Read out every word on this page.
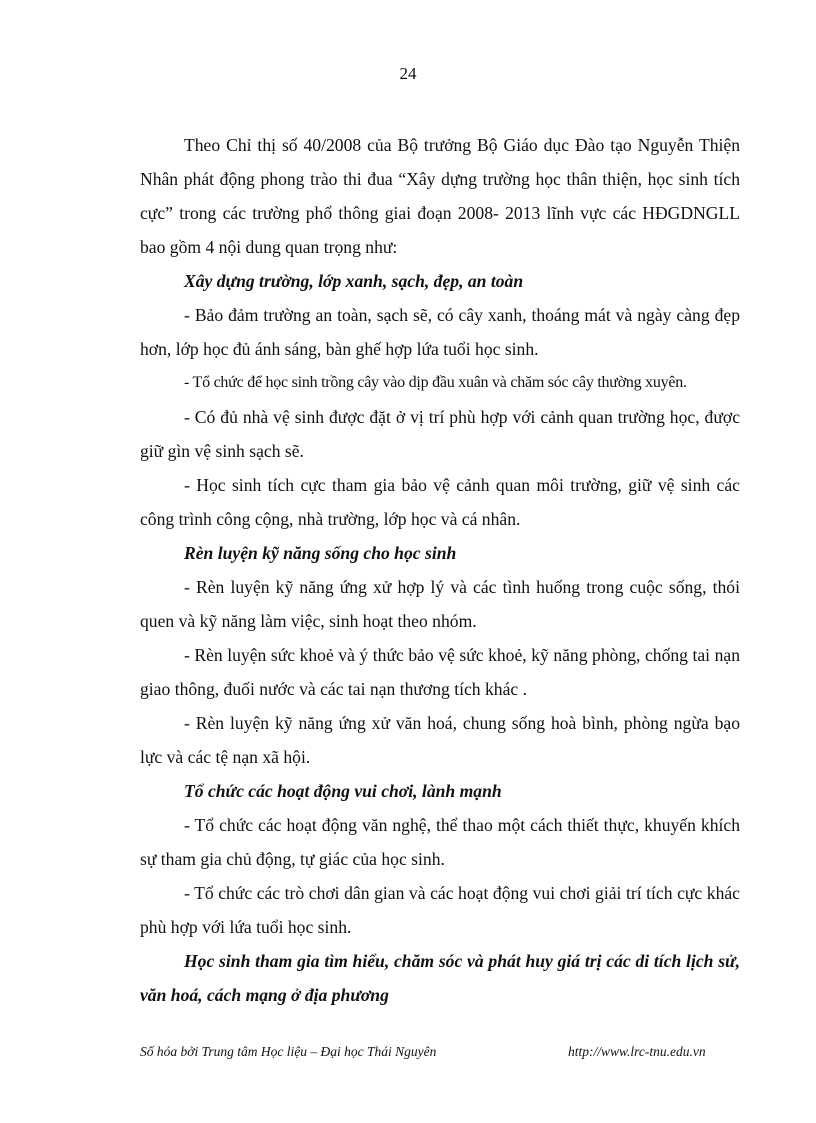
24

Theo Chỉ thị số 40/2008 của Bộ trưởng Bộ Giáo dục Đào tạo Nguyễn Thiện Nhân phát động phong trào thi đua “Xây dựng trường học thân thiện, học sinh tích cực” trong các trường phổ thông giai đoạn 2008- 2013 lĩnh vực các HĐGDNGLL bao gồm 4 nội dung quan trọng như:

Xây dựng trường, lớp xanh, sạch, đẹp, an toàn

- Bảo đảm trường an toàn, sạch sẽ, có cây xanh, thoáng mát và ngày càng đẹp hơn, lớp học đủ ánh sáng, bàn ghế hợp lứa tuổi học sinh.

- Tổ chức để học sinh trồng cây vào dịp đầu xuân và chăm sóc cây thường xuyên.

- Có đủ nhà vệ sinh được đặt ở vị trí phù hợp với cảnh quan trường học, được giữ gìn vệ sinh sạch sẽ.

- Học sinh tích cực tham gia bảo vệ cảnh quan môi trường, giữ vệ sinh các công trình công cộng, nhà trường, lớp học và cá nhân.

Rèn luyện kỹ năng sống cho học sinh

- Rèn luyện kỹ năng ứng xử hợp lý và các tình huống trong cuộc sống, thói quen và kỹ năng làm việc, sinh hoạt theo nhóm.

- Rèn luyện sức khoẻ và ý thức bảo vệ sức khoẻ, kỹ năng phòng, chống tai nạn giao thông, đuối nước và các tai nạn thương tích khác .

- Rèn luyện kỹ năng ứng xử văn hoá, chung sống hoà bình, phòng ngừa bạo lực và các tệ nạn xã hội.

Tổ chức các hoạt động vui chơi, lành mạnh

- Tổ chức các hoạt động văn nghệ, thể thao một cách thiết thực, khuyến khích sự tham gia chủ động, tự giác của học sinh.

- Tổ chức các trò chơi dân gian và các hoạt động vui chơi giải trí tích cực khác phù hợp với lứa tuổi học sinh.

Học sinh tham gia tìm hiểu, chăm sóc và phát huy giá trị các di tích lịch sử, văn hoá, cách mạng ở địa phương

Số hóa bởi Trung tâm Học liệu – Đại học Thái Nguyên	http://www.lrc-tnu.edu.vn
